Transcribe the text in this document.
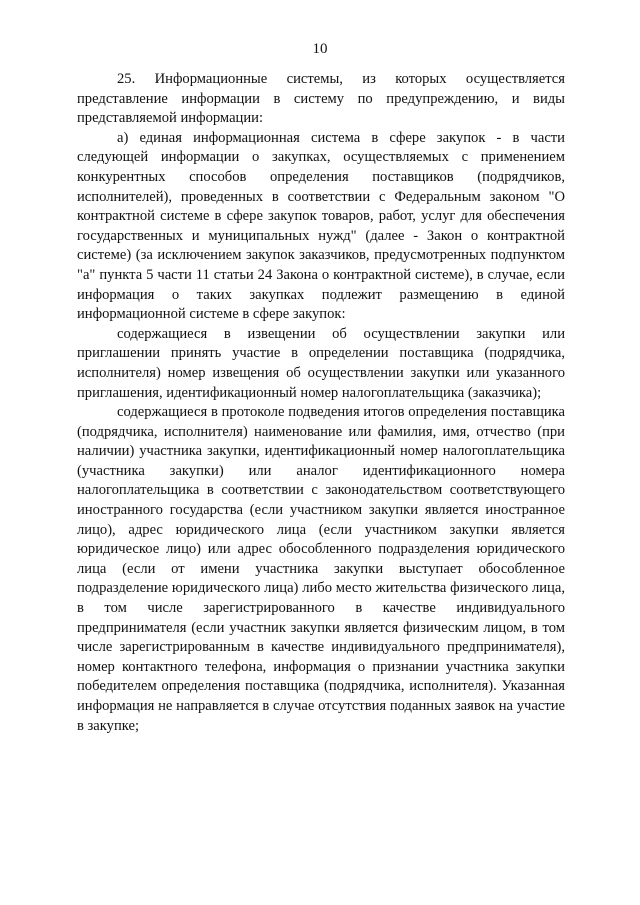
10

25. Информационные системы, из которых осуществляется представление информации в систему по предупреждению, и виды представляемой информации:

а) единая информационная система в сфере закупок - в части следующей информации о закупках, осуществляемых с применением конкурентных способов определения поставщиков (подрядчиков, исполнителей), проведенных в соответствии с Федеральным законом "О контрактной системе в сфере закупок товаров, работ, услуг для обеспечения государственных и муниципальных нужд" (далее - Закон о контрактной системе) (за исключением закупок заказчиков, предусмотренных подпунктом "а" пункта 5 части 11 статьи 24 Закона о контрактной системе), в случае, если информация о таких закупках подлежит размещению в единой информационной системе в сфере закупок:

содержащиеся в извещении об осуществлении закупки или приглашении принять участие в определении поставщика (подрядчика, исполнителя) номер извещения об осуществлении закупки или указанного приглашения, идентификационный номер налогоплательщика (заказчика);

содержащиеся в протоколе подведения итогов определения поставщика (подрядчика, исполнителя) наименование или фамилия, имя, отчество (при наличии) участника закупки, идентификационный номер налогоплательщика (участника закупки) или аналог идентификационного номера налогоплательщика в соответствии с законодательством соответствующего иностранного государства (если участником закупки является иностранное лицо), адрес юридического лица (если участником закупки является юридическое лицо) или адрес обособленного подразделения юридического лица (если от имени участника закупки выступает обособленное подразделение юридического лица) либо место жительства физического лица, в том числе зарегистрированного в качестве индивидуального предпринимателя (если участник закупки является физическим лицом, в том числе зарегистрированным в качестве индивидуального предпринимателя), номер контактного телефона, информация о признании участника закупки победителем определения поставщика (подрядчика, исполнителя). Указанная информация не направляется в случае отсутствия поданных заявок на участие в закупке;
